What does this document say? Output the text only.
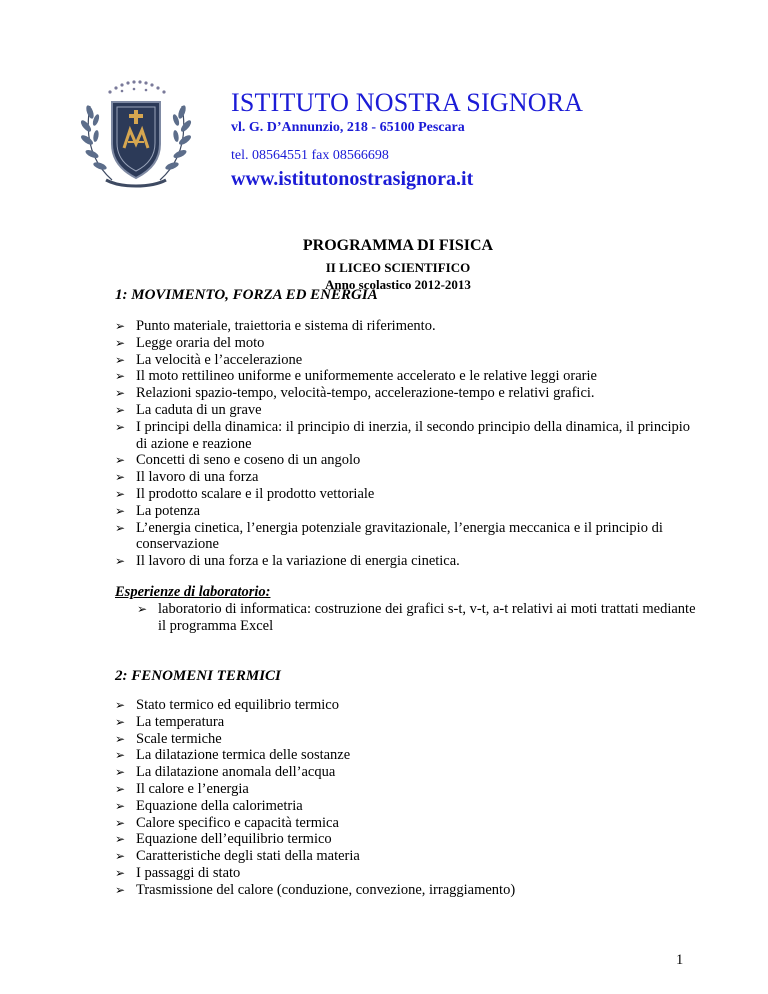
ISTITUTO NOSTRA SIGNORA
vl. G. D’Annunzio, 218 - 65100 Pescara
tel. 08564551 fax 08566698
www.istitutonostrasignora.it
PROGRAMMA DI FISICA
II LICEO SCIENTIFICO
Anno scolastico 2012-2013
1: MOVIMENTO, FORZA ED ENERGIA
➢ Punto materiale, traiettoria e sistema di riferimento.
➢ Legge oraria del moto
➢ La velocità e l’accelerazione
➢ Il moto rettilineo uniforme e uniformemente accelerato e le relative leggi orarie
➢ Relazioni spazio-tempo, velocità-tempo, accelerazione-tempo e relativi grafici.
➢ La caduta di un grave
➢ I principi della dinamica: il principio di inerzia, il secondo principio della dinamica, il principio di azione e reazione
➢ Concetti di seno e coseno di un angolo
➢ Il lavoro di una forza
➢ Il prodotto scalare e il prodotto vettoriale
➢ La potenza
➢ L’energia cinetica, l’energia potenziale gravitazionale, l’energia meccanica e il principio di conservazione
➢ Il lavoro di una forza e la variazione di energia cinetica.
Esperienze di laboratorio:
➢ laboratorio di informatica: costruzione dei grafici s-t, v-t, a-t relativi ai moti trattati mediante il programma Excel
2: FENOMENI TERMICI
➢ Stato termico ed equilibrio termico
➢ La temperatura
➢ Scale termiche
➢ La dilatazione termica delle sostanze
➢ La dilatazione anomala dell’acqua
➢ Il calore e l’energia
➢ Equazione della calorimetria
➢ Calore specifico e capacità termica
➢ Equazione dell’equilibrio termico
➢ Caratteristiche degli stati della materia
➢ I passaggi di stato
➢ Trasmissione del calore (conduzione, convezione, irraggiamento)
1
